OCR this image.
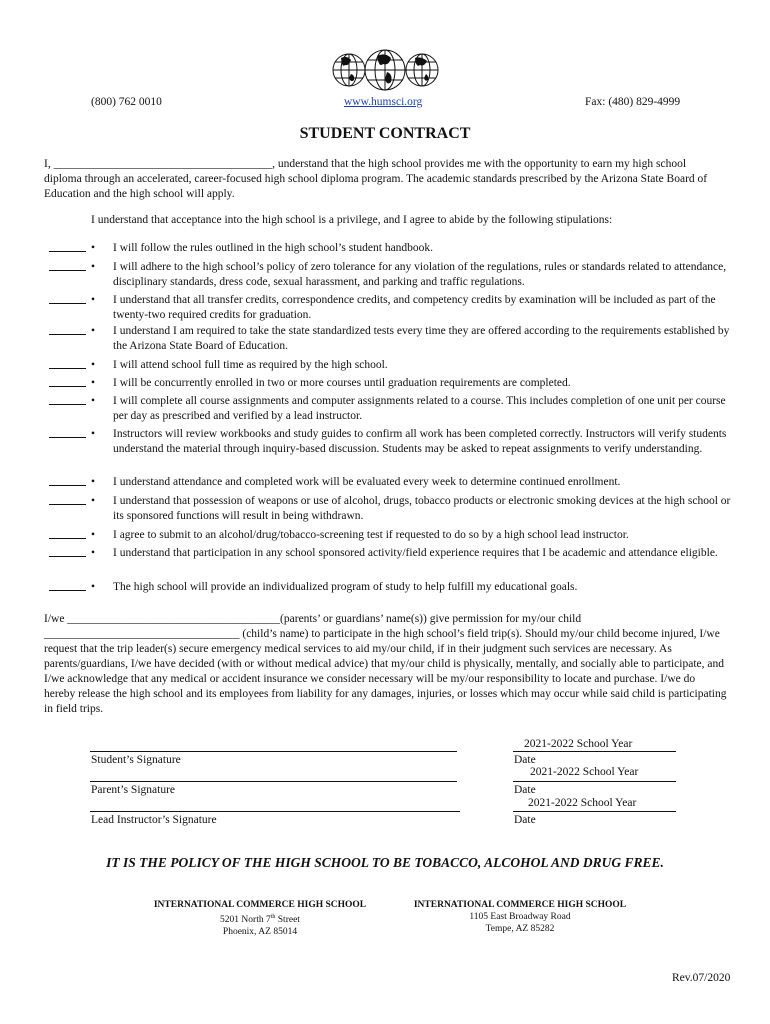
(800) 762 0010	www.humsci.org	Fax: (480) 829-4999
STUDENT CONTRACT
I, ______________________________________, understand that the high school provides me with the opportunity to earn my high school diploma through an accelerated, career-focused high school diploma program. The academic standards prescribed by the Arizona State Board of Education and the high school will apply.
I understand that acceptance into the high school is a privilege, and I agree to abide by the following stipulations:
• I will follow the rules outlined in the high school’s student handbook.
• I will adhere to the high school’s policy of zero tolerance for any violation of the regulations, rules or standards related to attendance, disciplinary standards, dress code, sexual harassment, and parking and traffic regulations.
• I understand that all transfer credits, correspondence credits, and competency credits by examination will be included as part of the twenty-two required credits for graduation.
• I understand I am required to take the state standardized tests every time they are offered according to the requirements established by the Arizona State Board of Education.
• I will attend school full time as required by the high school.
• I will be concurrently enrolled in two or more courses until graduation requirements are completed.
• I will complete all course assignments and computer assignments related to a course. This includes completion of one unit per course per day as prescribed and verified by a lead instructor.
• Instructors will review workbooks and study guides to confirm all work has been completed correctly. Instructors will verify students understand the material through inquiry-based discussion. Students may be asked to repeat assignments to verify understanding.
• I understand attendance and completed work will be evaluated every week to determine continued enrollment.
• I understand that possession of weapons or use of alcohol, drugs, tobacco products or electronic smoking devices at the high school or its sponsored functions will result in being withdrawn.
• I agree to submit to an alcohol/drug/tobacco-screening test if requested to do so by a high school lead instructor.
• I understand that participation in any school sponsored activity/field experience requires that I be academic and attendance eligible.
• The high school will provide an individualized program of study to help fulfill my educational goals.
I/we _____________________________________(parents’ or guardians’ name(s)) give permission for my/our child __________________________________ (child’s name) to participate in the high school’s field trip(s). Should my/our child become injured, I/we request that the trip leader(s) secure emergency medical services to aid my/our child, if in their judgment such services are necessary. As parents/guardians, I/we have decided (with or without medical advice) that my/our child is physically, mentally, and socially able to participate, and I/we acknowledge that any medical or accident insurance we consider necessary will be my/our responsibility to locate and purchase. I/we do hereby release the high school and its employees from liability for any damages, injuries, or losses which may occur while said child is participating in field trips.
Student’s Signature
2021-2022 School Year
Date
Parent’s Signature
2021-2022 School Year
Date
Lead Instructor’s Signature
2021-2022 School Year
Date
IT IS THE POLICY OF THE HIGH SCHOOL TO BE TOBACCO, ALCOHOL AND DRUG FREE.
INTERNATIONAL COMMERCE HIGH SCHOOL
5201 North 7th Street
Phoenix, AZ 85014
INTERNATIONAL COMMERCE HIGH SCHOOL
1105 East Broadway Road
Tempe, AZ 85282
Rev.07/2020
